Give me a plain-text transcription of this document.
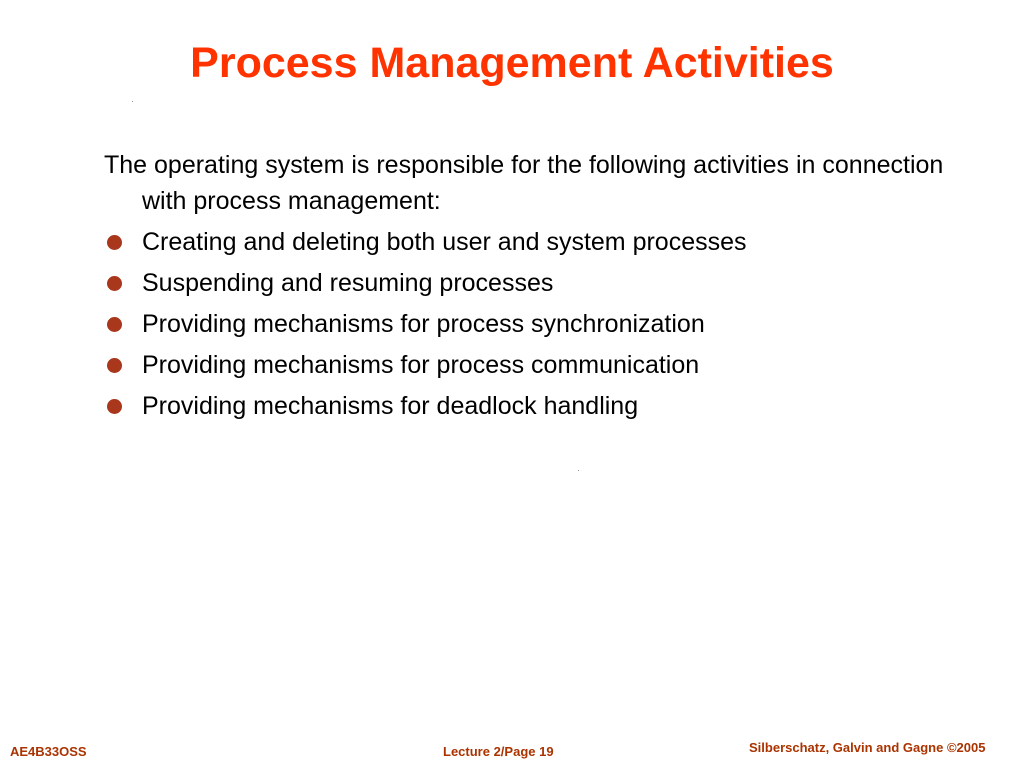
Process Management Activities

The operating system is responsible for the following activities in connection with process management:

Creating and deleting both user and system processes
Suspending and resuming processes
Providing mechanisms for process synchronization
Providing mechanisms for process communication
Providing mechanisms for deadlock handling
AE4B33OSS	Lecture 2/Page 19	Silberschatz, Galvin and Gagne ©2005
